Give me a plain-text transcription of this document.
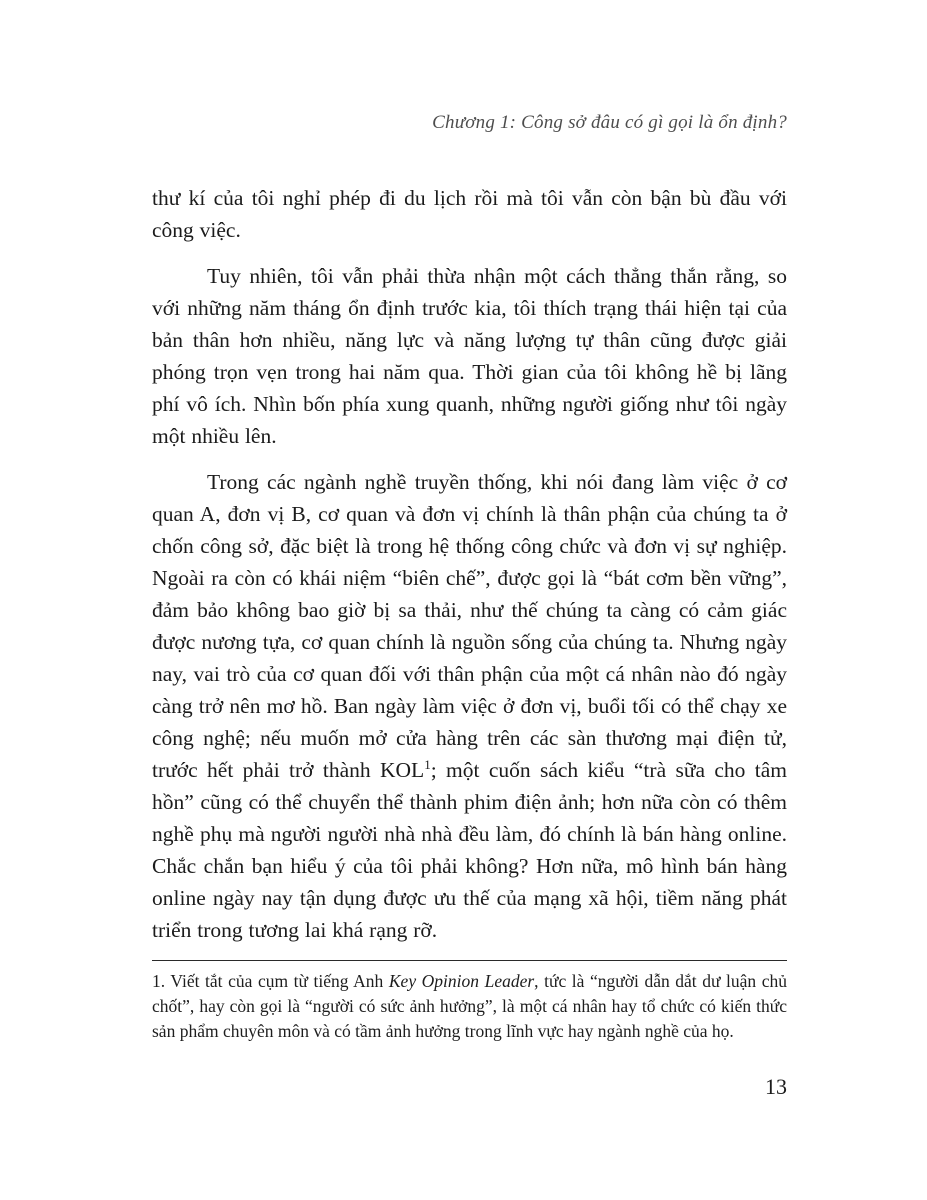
Chương 1: Công sở đâu có gì gọi là ổn định?

thư kí của tôi nghỉ phép đi du lịch rồi mà tôi vẫn còn bận bù đầu với công việc.

Tuy nhiên, tôi vẫn phải thừa nhận một cách thẳng thắn rằng, so với những năm tháng ổn định trước kia, tôi thích trạng thái hiện tại của bản thân hơn nhiều, năng lực và năng lượng tự thân cũng được giải phóng trọn vẹn trong hai năm qua. Thời gian của tôi không hề bị lãng phí vô ích. Nhìn bốn phía xung quanh, những người giống như tôi ngày một nhiều lên.

Trong các ngành nghề truyền thống, khi nói đang làm việc ở cơ quan A, đơn vị B, cơ quan và đơn vị chính là thân phận của chúng ta ở chốn công sở, đặc biệt là trong hệ thống công chức và đơn vị sự nghiệp. Ngoài ra còn có khái niệm “biên chế”, được gọi là “bát cơm bền vững”, đảm bảo không bao giờ bị sa thải, như thế chúng ta càng có cảm giác được nương tựa, cơ quan chính là nguồn sống của chúng ta. Nhưng ngày nay, vai trò của cơ quan đối với thân phận của một cá nhân nào đó ngày càng trở nên mơ hồ. Ban ngày làm việc ở đơn vị, buổi tối có thể chạy xe công nghệ; nếu muốn mở cửa hàng trên các sàn thương mại điện tử, trước hết phải trở thành KOL$^1$; một cuốn sách kiểu “trà sữa cho tâm hồn” cũng có thể chuyển thể thành phim điện ảnh; hơn nữa còn có thêm nghề phụ mà người người nhà nhà đều làm, đó chính là bán hàng online. Chắc chắn bạn hiểu ý của tôi phải không? Hơn nữa, mô hình bán hàng online ngày nay tận dụng được ưu thế của mạng xã hội, tiềm năng phát triển trong tương lai khá rạng rỡ.

1. Viết tắt của cụm từ tiếng Anh Key Opinion Leader, tức là “người dẫn dắt dư luận chủ chốt”, hay còn gọi là “người có sức ảnh hưởng”, là một cá nhân hay tổ chức có kiến thức sản phẩm chuyên môn và có tầm ảnh hưởng trong lĩnh vực hay ngành nghề của họ.

13
